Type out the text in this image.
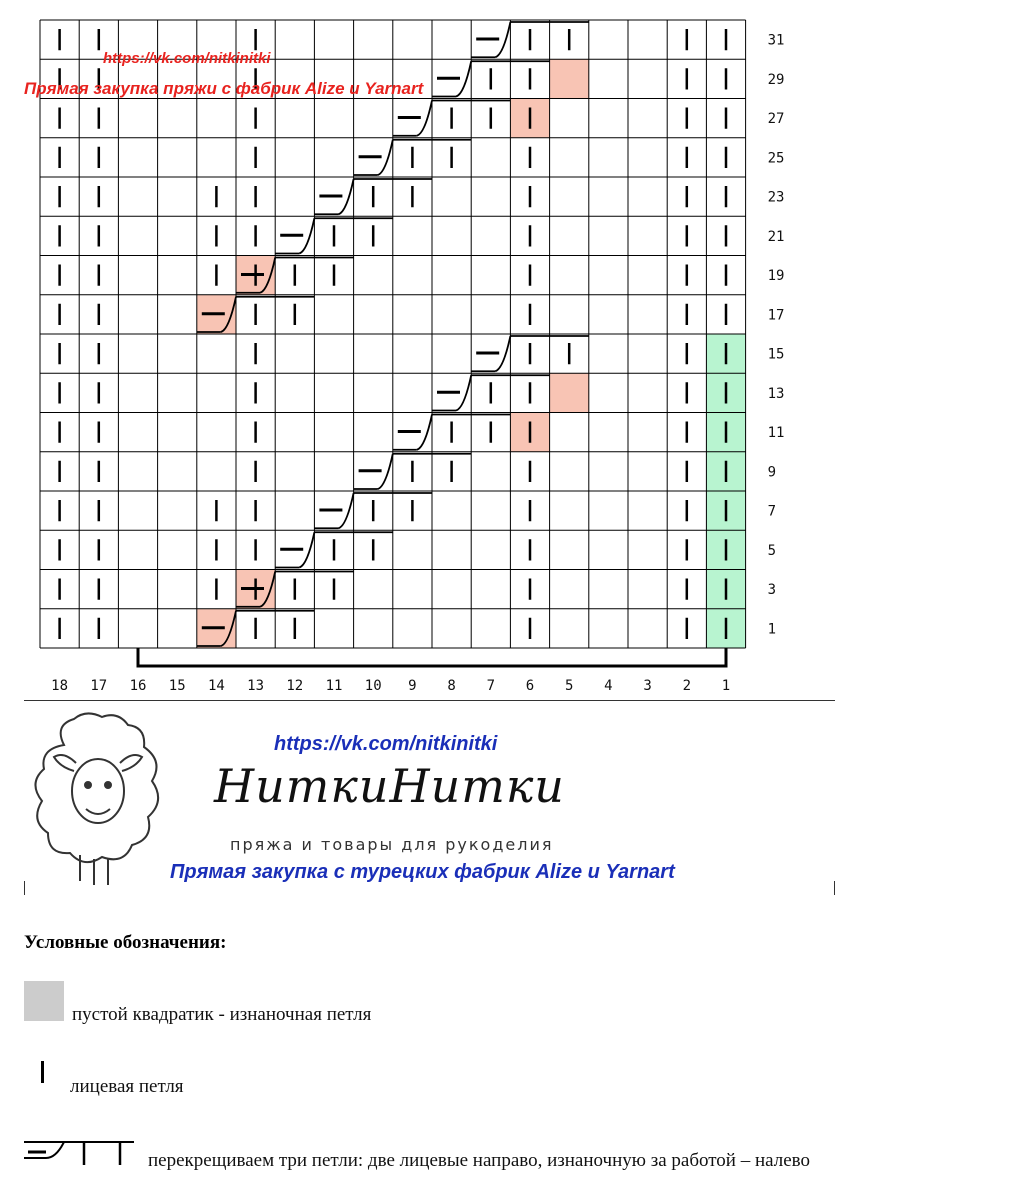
31
29
27
25
23
21
19
17
15
13
11
9
7
5
3
1
18 17 16 15 14 13 12 11 10 9 8 7 6 5 4 3 2 1
https://vk.com/nitkinitki
Прямая закупка пряжи с фабрик Alize и Yarnart
https://vk.com/nitkinitki
НиткиНитки
пряжа и товары для рукоделия
Прямая закупка с турецких фабрик Alize и Yarnart
Условные обозначения:
пустой квадратик - изнаночная петля
лицевая петля
перекрещиваем три петли: две лицевые направо, изнаночную за работой – налево
